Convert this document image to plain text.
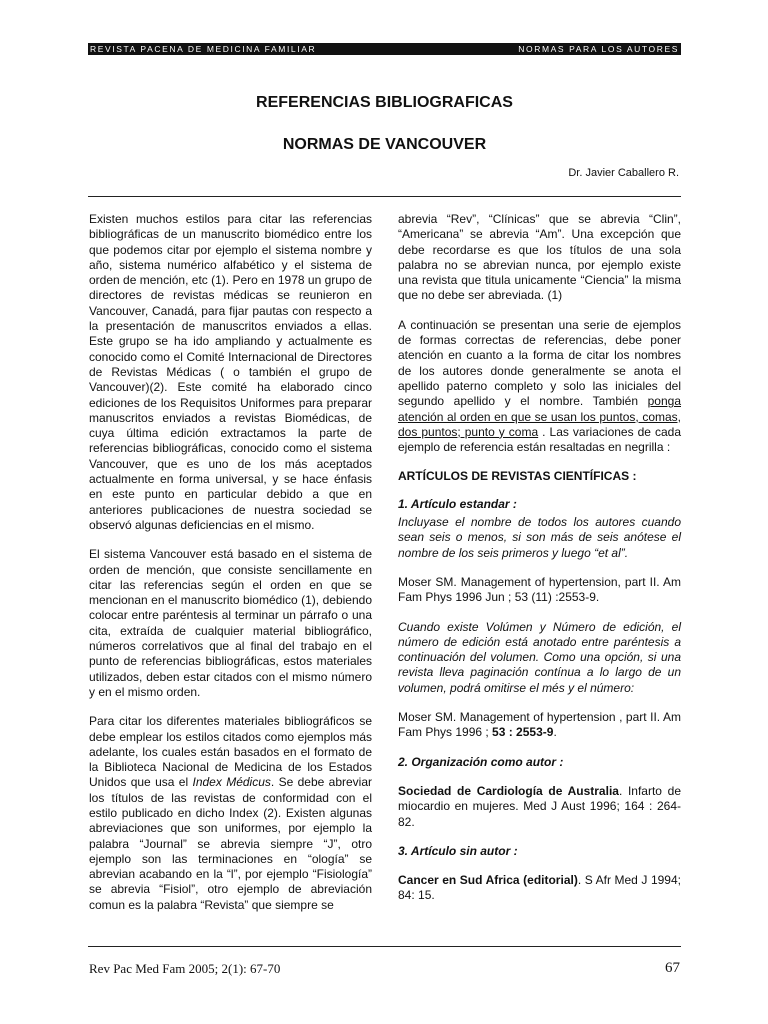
REVISTA PACENA DE MEDICINA FAMILIAR	NORMAS PARA LOS AUTORES
REFERENCIAS BIBLIOGRAFICAS
NORMAS DE VANCOUVER
Dr. Javier Caballero R.

Existen muchos estilos para citar las referencias bibliográficas de un manuscrito biomédico entre los que podemos citar por ejemplo el sistema nombre y año, sistema numérico alfabético y el sistema de orden de mención, etc (1). Pero en 1978 un grupo de directores de revistas médicas se reunieron en Vancouver, Canadá, para fijar pautas con respecto a la presentación de manuscritos enviados a ellas. Este grupo se ha ido ampliando y actualmente es conocido como el Comité Internacional de Directores de Revistas Médicas ( o también el grupo de Vancouver)(2). Este comité ha elaborado cinco ediciones de los Requisitos Uniformes para preparar manuscritos enviados a revistas Biomédicas, de cuya última edición extractamos la parte de referencias bibliográficas, conocido como el sistema Vancouver, que es uno de los más aceptados actualmente en forma universal, y se hace énfasis en este punto en particular debido a que en anteriores publicaciones de nuestra sociedad se observó algunas deficiencias en el mismo.

El sistema Vancouver está basado en el sistema de orden de mención, que consiste sencillamente en citar las referencias según el orden en que se mencionan en el manuscrito biomédico (1), debiendo colocar entre paréntesis al terminar un párrafo o una cita, extraída de cualquier material bibliográfico, números correlativos que al final del trabajo en el punto de referencias bibliográficas, estos materiales utilizados, deben estar citados con el mismo número y en el mismo orden.

Para citar los diferentes materiales bibliográficos se debe emplear los estilos citados como ejemplos más adelante, los cuales están basados en el formato de la Biblioteca Nacional de Medicina de los Estados Unidos que usa el Index Médicus. Se debe abreviar los títulos de las revistas de conformidad con el estilo publicado en dicho Index (2). Existen algunas abreviaciones que son uniformes, por ejemplo la palabra “Journal” se abrevia siempre “J”, otro ejemplo son las terminaciones en “ología” se abrevian acabando en la “l”, por ejemplo “Fisiología” se abrevia “Fisiol”, otro ejemplo de abreviación comun es la palabra “Revista” que siempre se

abrevia “Rev”, “Clínicas” que se abrevia “Clin”, “Americana” se abrevia “Am”. Una excepción que debe recordarse es que los títulos de una sola palabra no se abrevian nunca, por ejemplo existe una revista que titula unicamente “Ciencia” la misma que no debe ser abreviada. (1)

A continuación se presentan una serie de ejemplos de formas correctas de referencias, debe poner atención en cuanto a la forma de citar los nombres de los autores donde generalmente se anota el apellido paterno completo y solo las iniciales del segundo apellido y el nombre. También ponga atención al orden en que se usan los puntos, comas, dos puntos; punto y coma . Las variaciones de cada ejemplo de referencia están resaltadas en negrilla :

ARTÍCULOS DE REVISTAS CIENTÍFICAS :

1. Artículo estandar :

Incluyase el nombre de todos los autores cuando sean seis o menos, si son más de seis anótese el nombre de los seis primeros y luego “et al”.

Moser SM. Management of hypertension, part II. Am Fam Phys 1996 Jun ; 53 (11) :2553-9.

Cuando existe Volúmen y Número de edición, el número de edición está anotado entre paréntesis a continuación del volumen. Como una opción, si una revista lleva paginación contínua a lo largo de un volumen, podrá omitirse el més y el número:

Moser SM. Management of hypertension , part II. Am Fam Phys 1996 ; 53 : 2553-9.

2. Organización como autor :

Sociedad de Cardiología de Australia. Infarto de miocardio en mujeres. Med J Aust 1996; 164 : 264-82.

3. Artículo sin autor :

Cancer en Sud Africa (editorial). S Afr Med J 1994; 84: 15.

Rev Pac Med Fam 2005; 2(1): 67-70	67
